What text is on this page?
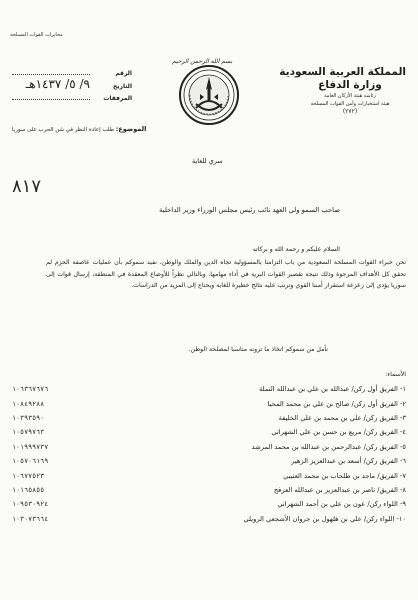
مخابرات القوات المسلحة
المملكة العربية السعودية
وزارة الدفاع
رئاسة هيئة الأركان العامة
هيئة استخبارات وأمن القوات المسلحة
(٢٧٢)
بسم الله الرحمن الرحيم
الرقم
التاريخ
٩/ ٥/ ١٤٣٧هـ
المرفقات
الموضوع: طلب إعادة النظر في شن الحرب على سوريا
سري للغاية
٨١٧
صاحب السمو ولي العهد نائب رئيس مجلس الوزراء وزير الداخلية
السلام عليكم و رحمة الله و بركاته
نحن خبراء القوات المسلحة السعودية من باب التزامنا بالمسؤولية تجاه الدين والملك والوطن، نفيد سموكم بأن عمليات عاصفة الحزم لم تحقق كل الأهداف المرجوة وذلك نتيجة تقصير القوات البرية في أداء مهامها، وبالتالي نظراً للأوضاع المعقدة في المنطقة، إرسال قوات إلى سوريا يؤدي إلى زعزعة استقرار أمننا القوي وترتب عليه نتائج خطيرة للغاية ويحتاج إلى المزيد من الدراسات.
نأمل من سموكم اتخاذ ما ترونه مناسبا لمصلحة الوطن.
الأسماء:
١- الفريق أول ركن/ عبدالله بن علي بن عبدالله النملة
١٠٦٣٦٧٦٧٦
٢- الفريق أول ركن/ صالح بن علي بن محمد المحيا
١٠٨٤٩٢٨٨
٣- الفريق ركن/ علي بن محمد بن علي الخليفة
١٠٣٩٣٥٩٠
٤- الفريق ركن/ مريع بن حسن بن علي الشهراني
١٠٥٧٩٧٦٣
٥- الفريق ركن/ عبدالرحمن بن عبدالله بن محمد المرشد
١٠١٩٩٩٧٣٧
٦- الفريق ركن/ أسعد بن عبدالعزيز الزهير
١٠٥٧٠٦١٦٩
٧- الفريق/ ماجد بن طلحاب بن محمد العتيبي
١٠٦٧٧٥٢٣
٨- الفريق/ ناصر بن عبدالعزيز بن عبدالله العرفج
١٠١٦٥٨٥٥
٩- اللواء ركن/ عون بن علي بن أحمد الشهراني
١٠٩٥٣٠٩٢٤
١٠- اللواء ركن/ علي بن هلهول بن جروان الأشجعي الرويلي
١٠٣٠٧٣٦٦٤
